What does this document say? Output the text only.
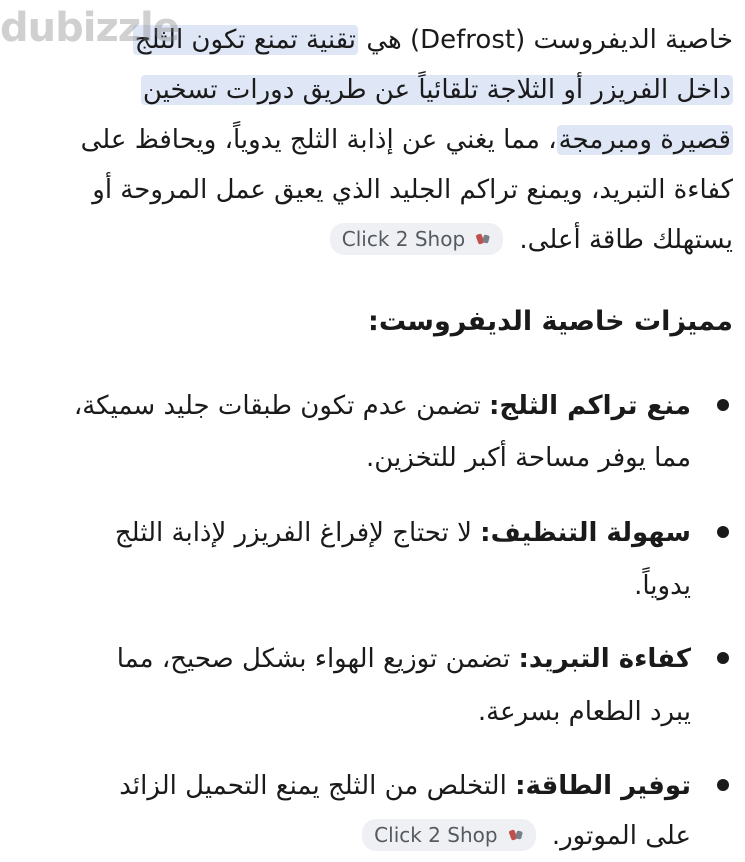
dubizzle	خاصية الديفروست (Defrost) هي تقنية تمنع تكون الثلج
داخل الفريزر أو الثلاجة تلقائياً عن طريق دورات تسخين
قصيرة ومبرمجة، مما يغني عن إذابة الثلج يدوياً، ويحافظ على
كفاءة التبريد، ويمنع تراكم الجليد الذي يعيق عمل المروحة أو
يستهلك طاقة أعلى.
Click 2 Shop
مميزات خاصية الديفروست:
منع تراكم الثلج: تضمن عدم تكون طبقات جليد سميكة،
مما يوفر مساحة أكبر للتخزين.
سهولة التنظيف: لا تحتاج لإفراغ الفريزر لإذابة الثلج
يدوياً.
كفاءة التبريد: تضمن توزيع الهواء بشكل صحيح، مما
يبرد الطعام بسرعة.
توفير الطاقة: التخلص من الثلج يمنع التحميل الزائد
على الموتور.
Click 2 Shop
